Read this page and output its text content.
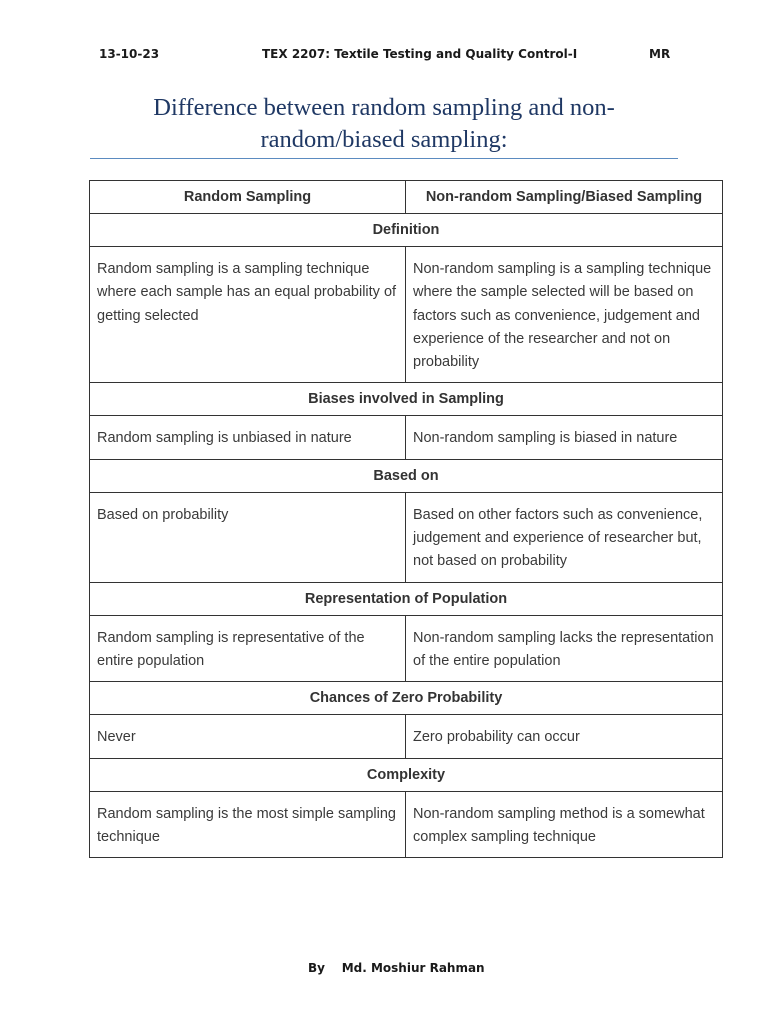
13-10-23	TEX 2207: Textile Testing and Quality Control-I	MR
Difference between random sampling and non-
random/biased sampling:
Random Sampling	Non-random Sampling/Biased Sampling
Definition	
Random sampling is a sampling technique where each sample has an equal probability of getting selected	Non-random sampling is a sampling technique where the sample selected will be based on factors such as convenience, judgement and experience of the researcher and not on probability
Biases involved in Sampling	
Random sampling is unbiased in nature	Non-random sampling is biased in nature
Based on	
Based on probability	Based on other factors such as convenience, judgement and experience of researcher but, not based on probability
Representation of Population	
Random sampling is representative of the entire population	Non-random sampling lacks the representation of the entire population
Chances of Zero Probability	
Never	Zero probability can occur
Complexity	
Random sampling is the most simple sampling technique	Non-random sampling method is a somewhat complex sampling technique
By Md. Moshiur Rahman
